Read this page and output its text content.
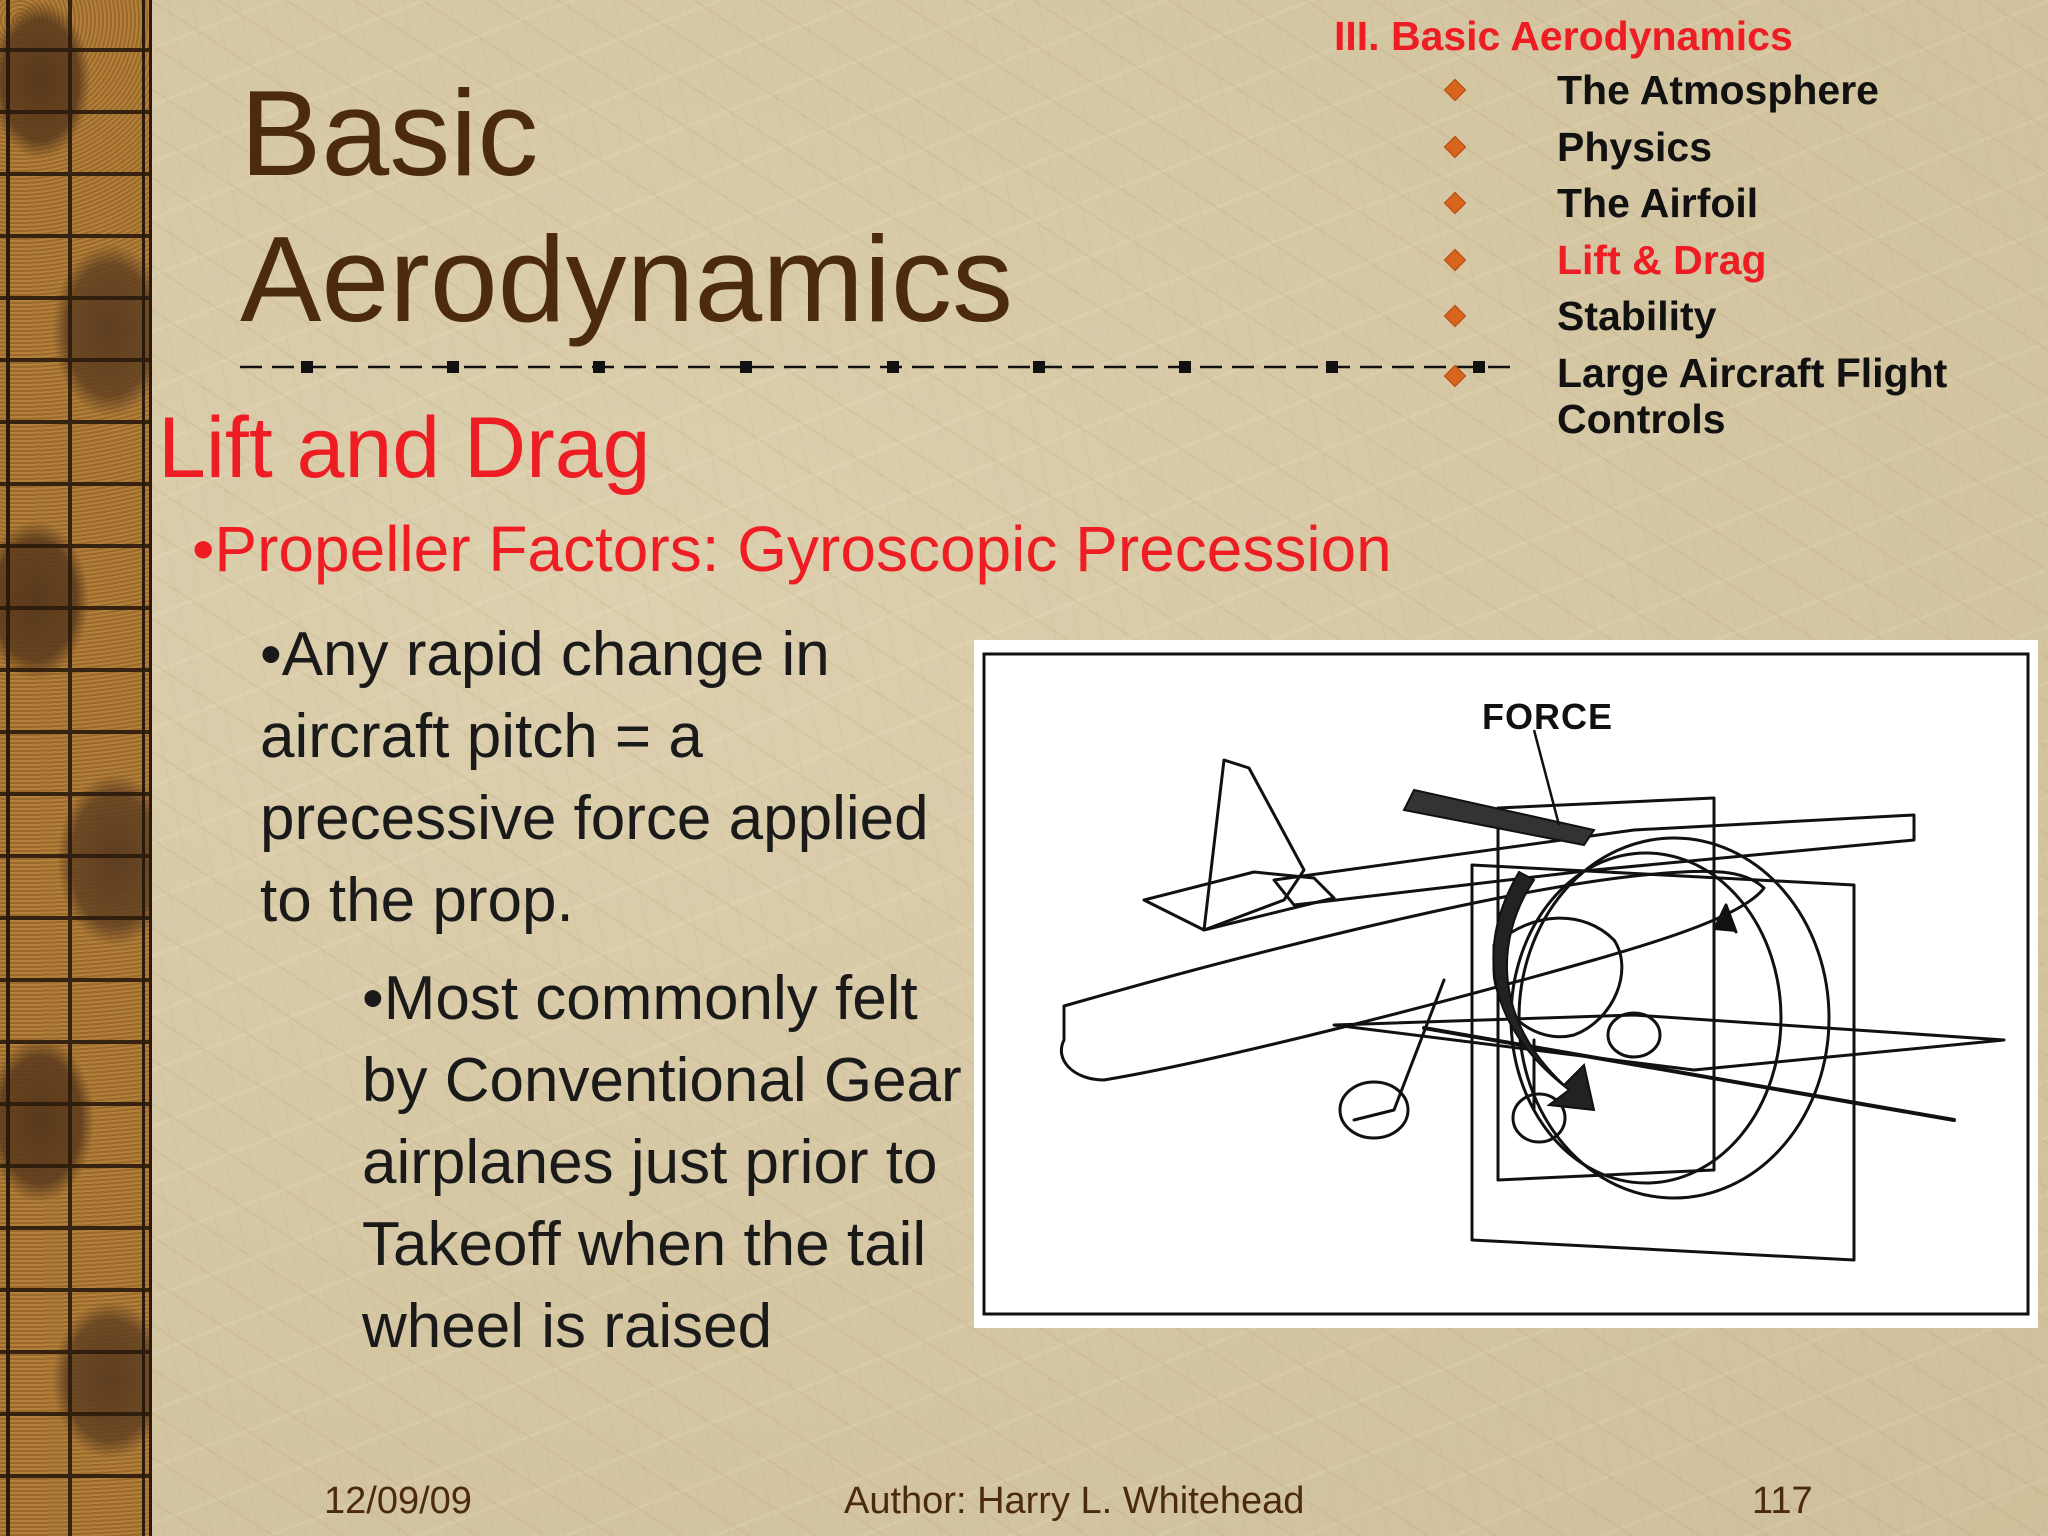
Basic
Aerodynamics
III. Basic Aerodynamics
The Atmosphere
Physics
The Airfoil
Lift & Drag
Stability
Large Aircraft Flight Controls
Lift and Drag
•Propeller Factors: Gyroscopic Precession
•Any rapid change in aircraft pitch = a precessive force applied to the prop.
•Most commonly felt by Conventional Gear airplanes just prior to Takeoff when the tail wheel is raised
FORCE
12/09/09	Author: Harry L. Whitehead	117
